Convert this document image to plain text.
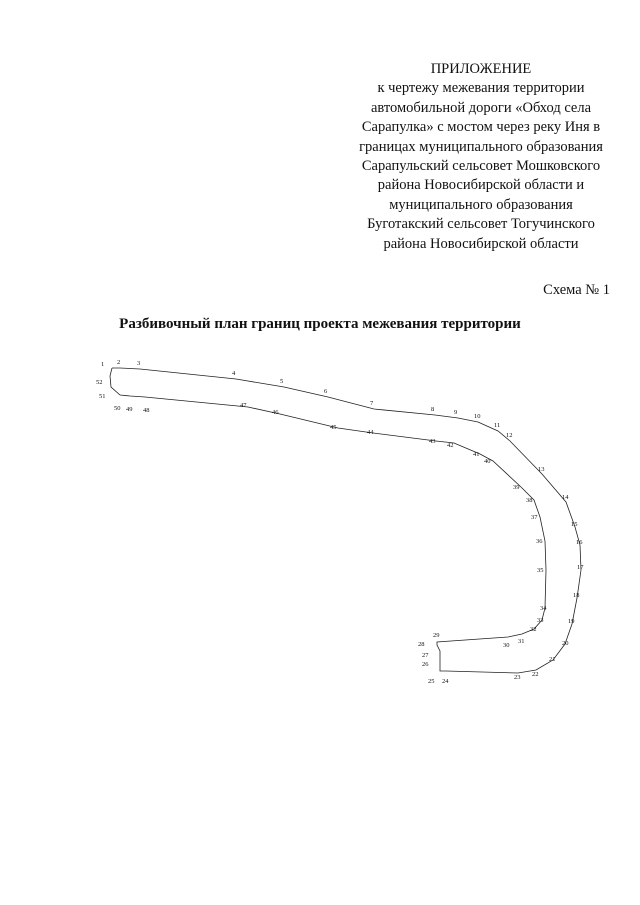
ПРИЛОЖЕНИЕ
к чертежу межевания территории
автомобильной дороги «Обход села
Сарапулка» с мостом через реку Иня в
границах муниципального образования
Сарапульский сельсовет Мошковского
района Новосибирской области и
муниципального образования
Буготакский сельсовет Тогучинского
района Новосибирской области
Схема № 1
Разбивочный план границ проекта межевания территории
1 2	3
4
5
6
7
8	9
10
11
12
13
14
15
16
17
18
19
20
21
22
23
24
25
26
27
28
29
30
31
32
33
34
35
36
37
38
39
40
41
42
43
44
45
46
47
48
49
50
51
52
